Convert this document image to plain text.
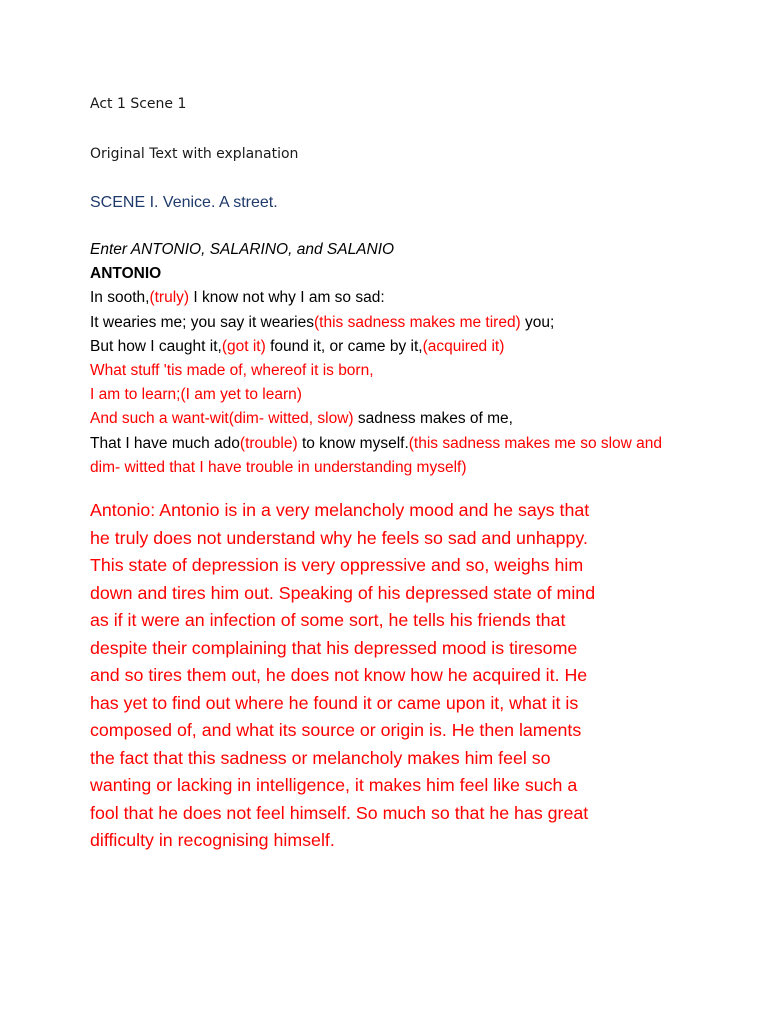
Act 1 Scene 1
Original Text with explanation
SCENE I. Venice. A street.
Enter ANTONIO, SALARINO, and SALANIO
ANTONIO
In sooth,(truly) I know not why I am so sad:
It wearies me; you say it wearies(this sadness makes me tired) you;
But how I caught it,(got it) found it, or came by it,(acquired it)
What stuff 'tis made of, whereof it is born,
I am to learn;(I am yet to learn)
And such a want-wit(dim- witted, slow) sadness makes of me,
That I have much ado(trouble) to know myself.(this sadness makes me so slow and dim- witted that I have trouble in understanding myself)
Antonio: Antonio is in a very melancholy mood and he says that
he truly does not understand why he feels so sad and unhappy.
This state of depression is very oppressive and so, weighs him
down and tires him out. Speaking of his depressed state of mind
as if it were an infection of some sort, he tells his friends that
despite their complaining that his depressed mood is tiresome
and so tires them out, he does not know how he acquired it. He
has yet to find out where he found it or came upon it, what it is
composed of, and what its source or origin is. He then laments
the fact that this sadness or melancholy makes him feel so
wanting or lacking in intelligence, it makes him feel like such a
fool that he does not feel himself. So much so that he has great
difficulty in recognising himself.
